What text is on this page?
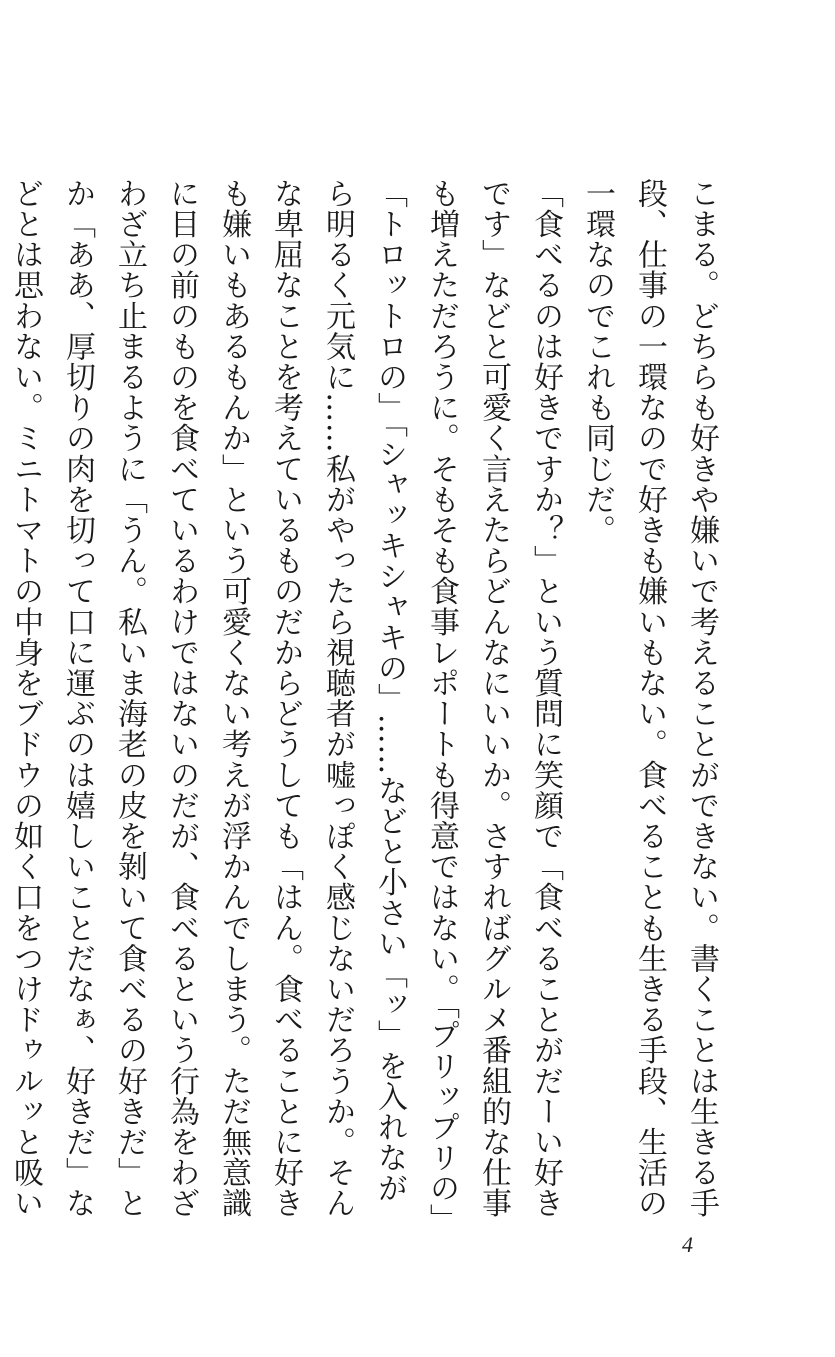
こまる。どちらも好きや嫌いで考えることができない。書くことは生きる手段、仕事の一環なので好きも嫌いもない。食べることも生きる手段、生活の一環なのでこれも同じだ。

「食べるのは好きですか？」という質問に笑顔で「食べることがだーい好きです」などと可愛く言えたらどんなにいいか。さすればグルメ番組的な仕事も増えただろうに。そもそも食事レポートも得意ではない。「プリップリの」「トロットロの」「シャッキシャキの」……などと小さい「ッ」を入れながら明るく元気に……私がやったら視聴者が嘘っぽく感じないだろうか。そんな卑屈なことを考えているものだからどうしても「はん。食べることに好きも嫌いもあるもんか」という可愛くない考えが浮かんでしまう。ただ無意識に目の前のものを食べているわけではないのだが、食べるという行為をわざわざ立ち止まるように「うん。私いま海老の皮を剝いて食べるの好きだ」とか「ああ、厚切りの肉を切って口に運ぶのは嬉しいことだなぁ、好きだ」などとは思わない。ミニトマトの中身をブドウの如く口をつけドゥルッと吸い

4
